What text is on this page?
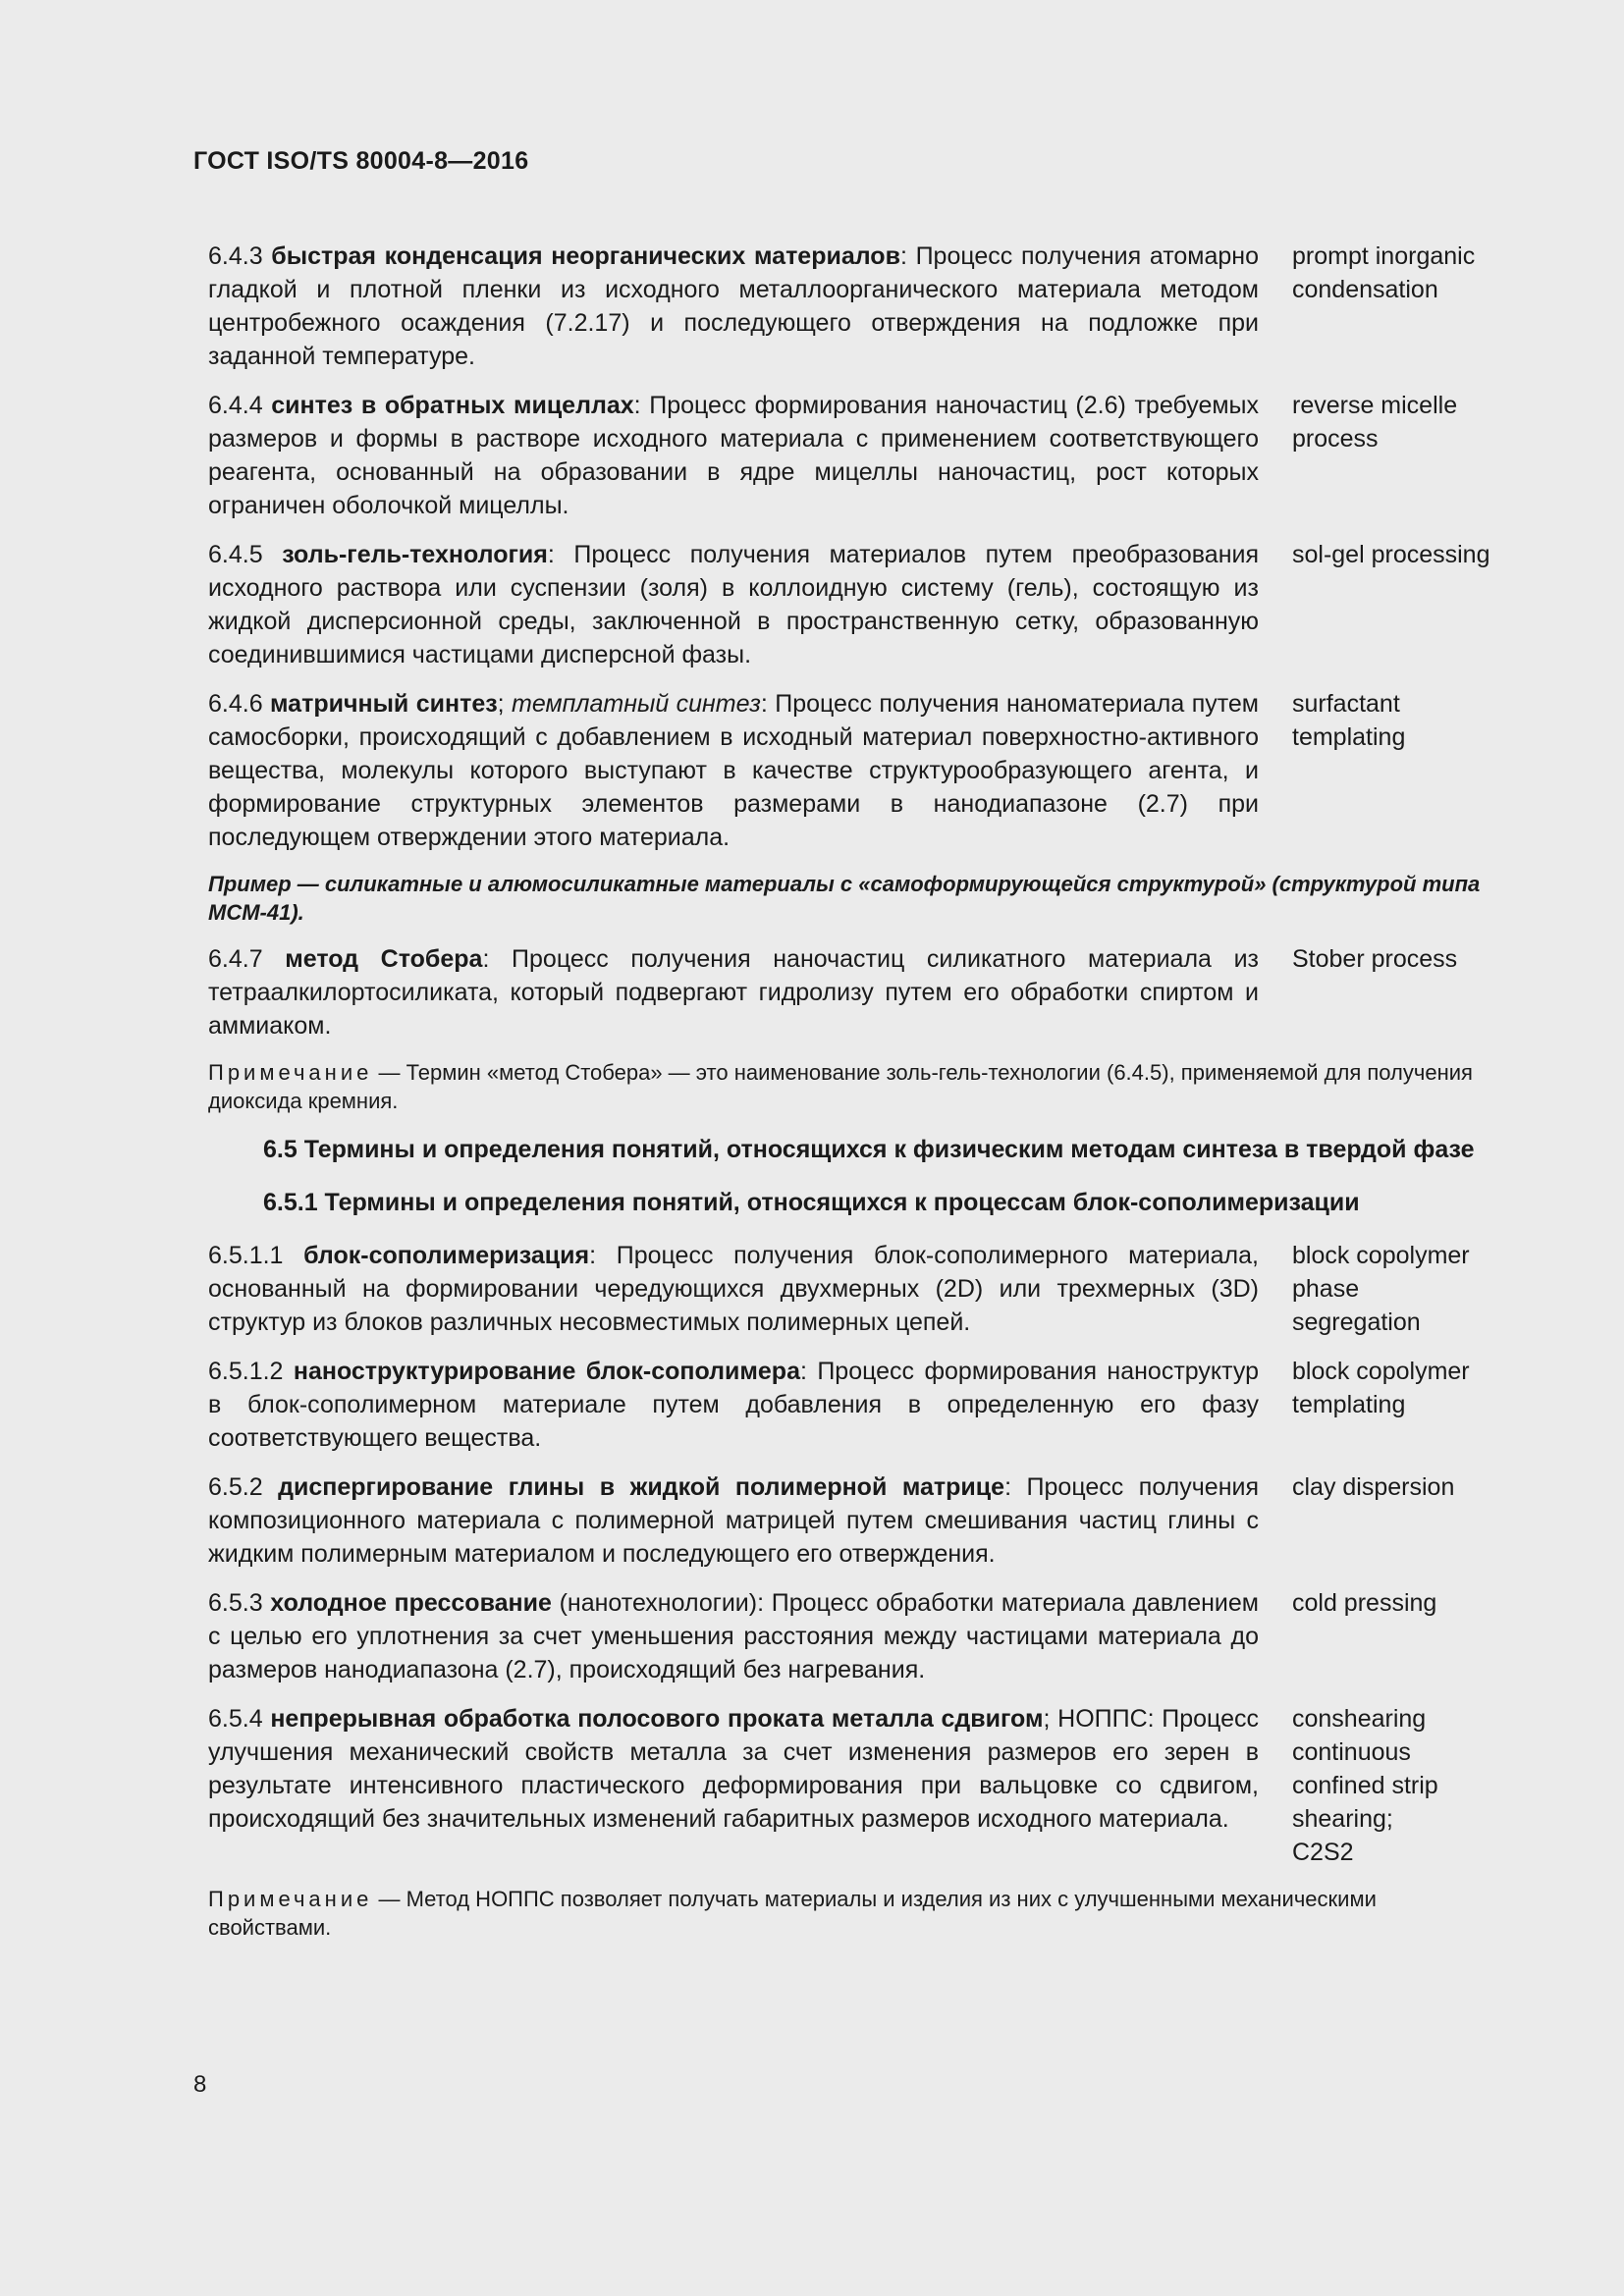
ГОСТ ISO/TS 80004-8—2016
6.4.3 быстрая конденсация неорганических материалов: Процесс получения атомарно гладкой и плотной пленки из исходного металлоорганического материала методом центробежного осаждения (7.2.17) и последующего отверждения на подложке при заданной температуре.
prompt inorganic
condensation
6.4.4 синтез в обратных мицеллах: Процесс формирования наночастиц (2.6) требуемых размеров и формы в растворе исходного материала с применением соответствующего реагента, основанный на образовании в ядре мицеллы наночастиц, рост которых ограничен оболочкой мицеллы.
reverse micelle
process
6.4.5 золь-гель-технология: Процесс получения материалов путем преобразования исходного раствора или суспензии (золя) в коллоидную систему (гель), состоящую из жидкой дисперсионной среды, заключенной в пространственную сетку, образованную соединившимися частицами дисперсной фазы.
sol-gel processing
6.4.6 матричный синтез; темплатный синтез: Процесс получения наноматериала путем самосборки, происходящий с добавлением в исходный материал поверхностно-активного вещества, молекулы которого выступают в качестве структурообразующего агента, и формирование структурных элементов размерами в нанодиапазоне (2.7) при последующем отверждении этого материала.
surfactant
templating
Пример — силикатные и алюмосиликатные материалы с «самоформирующейся структурой» (структурой типа MCM-41).
6.4.7 метод Стобера: Процесс получения наночастиц силикатного материала из тетраалкилортосиликата, который подвергают гидролизу путем его обработки спиртом и аммиаком.
Stober process
Примечание — Термин «метод Стобера» — это наименование золь-гель-технологии (6.4.5), применяемой для получения диоксида кремния.
6.5 Термины и определения понятий, относящихся к физическим методам синтеза в твердой фазе
6.5.1 Термины и определения понятий, относящихся к процессам блок-сополимеризации
6.5.1.1 блок-сополимеризация: Процесс получения блок-сополимерного материала, основанный на формировании чередующихся двухмерных (2D) или трехмерных (3D) структур из блоков различных несовместимых полимерных цепей.
block copolymer
phase
segregation
6.5.1.2 наноструктурирование блок-сополимера: Процесс формирования наноструктур в блок-сополимерном материале путем добавления в определенную его фазу соответствующего вещества.
block copolymer
templating
6.5.2 диспергирование глины в жидкой полимерной матрице: Процесс получения композиционного материала с полимерной матрицей путем смешивания частиц глины с жидким полимерным материалом и последующего его отверждения.
clay dispersion
6.5.3 холодное прессование (нанотехнологии): Процесс обработки материала давлением с целью его уплотнения за счет уменьшения расстояния между частицами материала до размеров нанодиапазона (2.7), происходящий без нагревания.
cold pressing
6.5.4 непрерывная обработка полосового проката металла сдвигом; НОППС: Процесс улучшения механический свойств металла за счет изменения размеров его зерен в результате интенсивного пластического деформирования при вальцовке со сдвигом, происходящий без значительных изменений габаритных размеров исходного материала.
conshearing
continuous
confined strip
shearing;
C2S2
Примечание — Метод НОППС позволяет получать материалы и изделия из них с улучшенными механическими свойствами.
8
